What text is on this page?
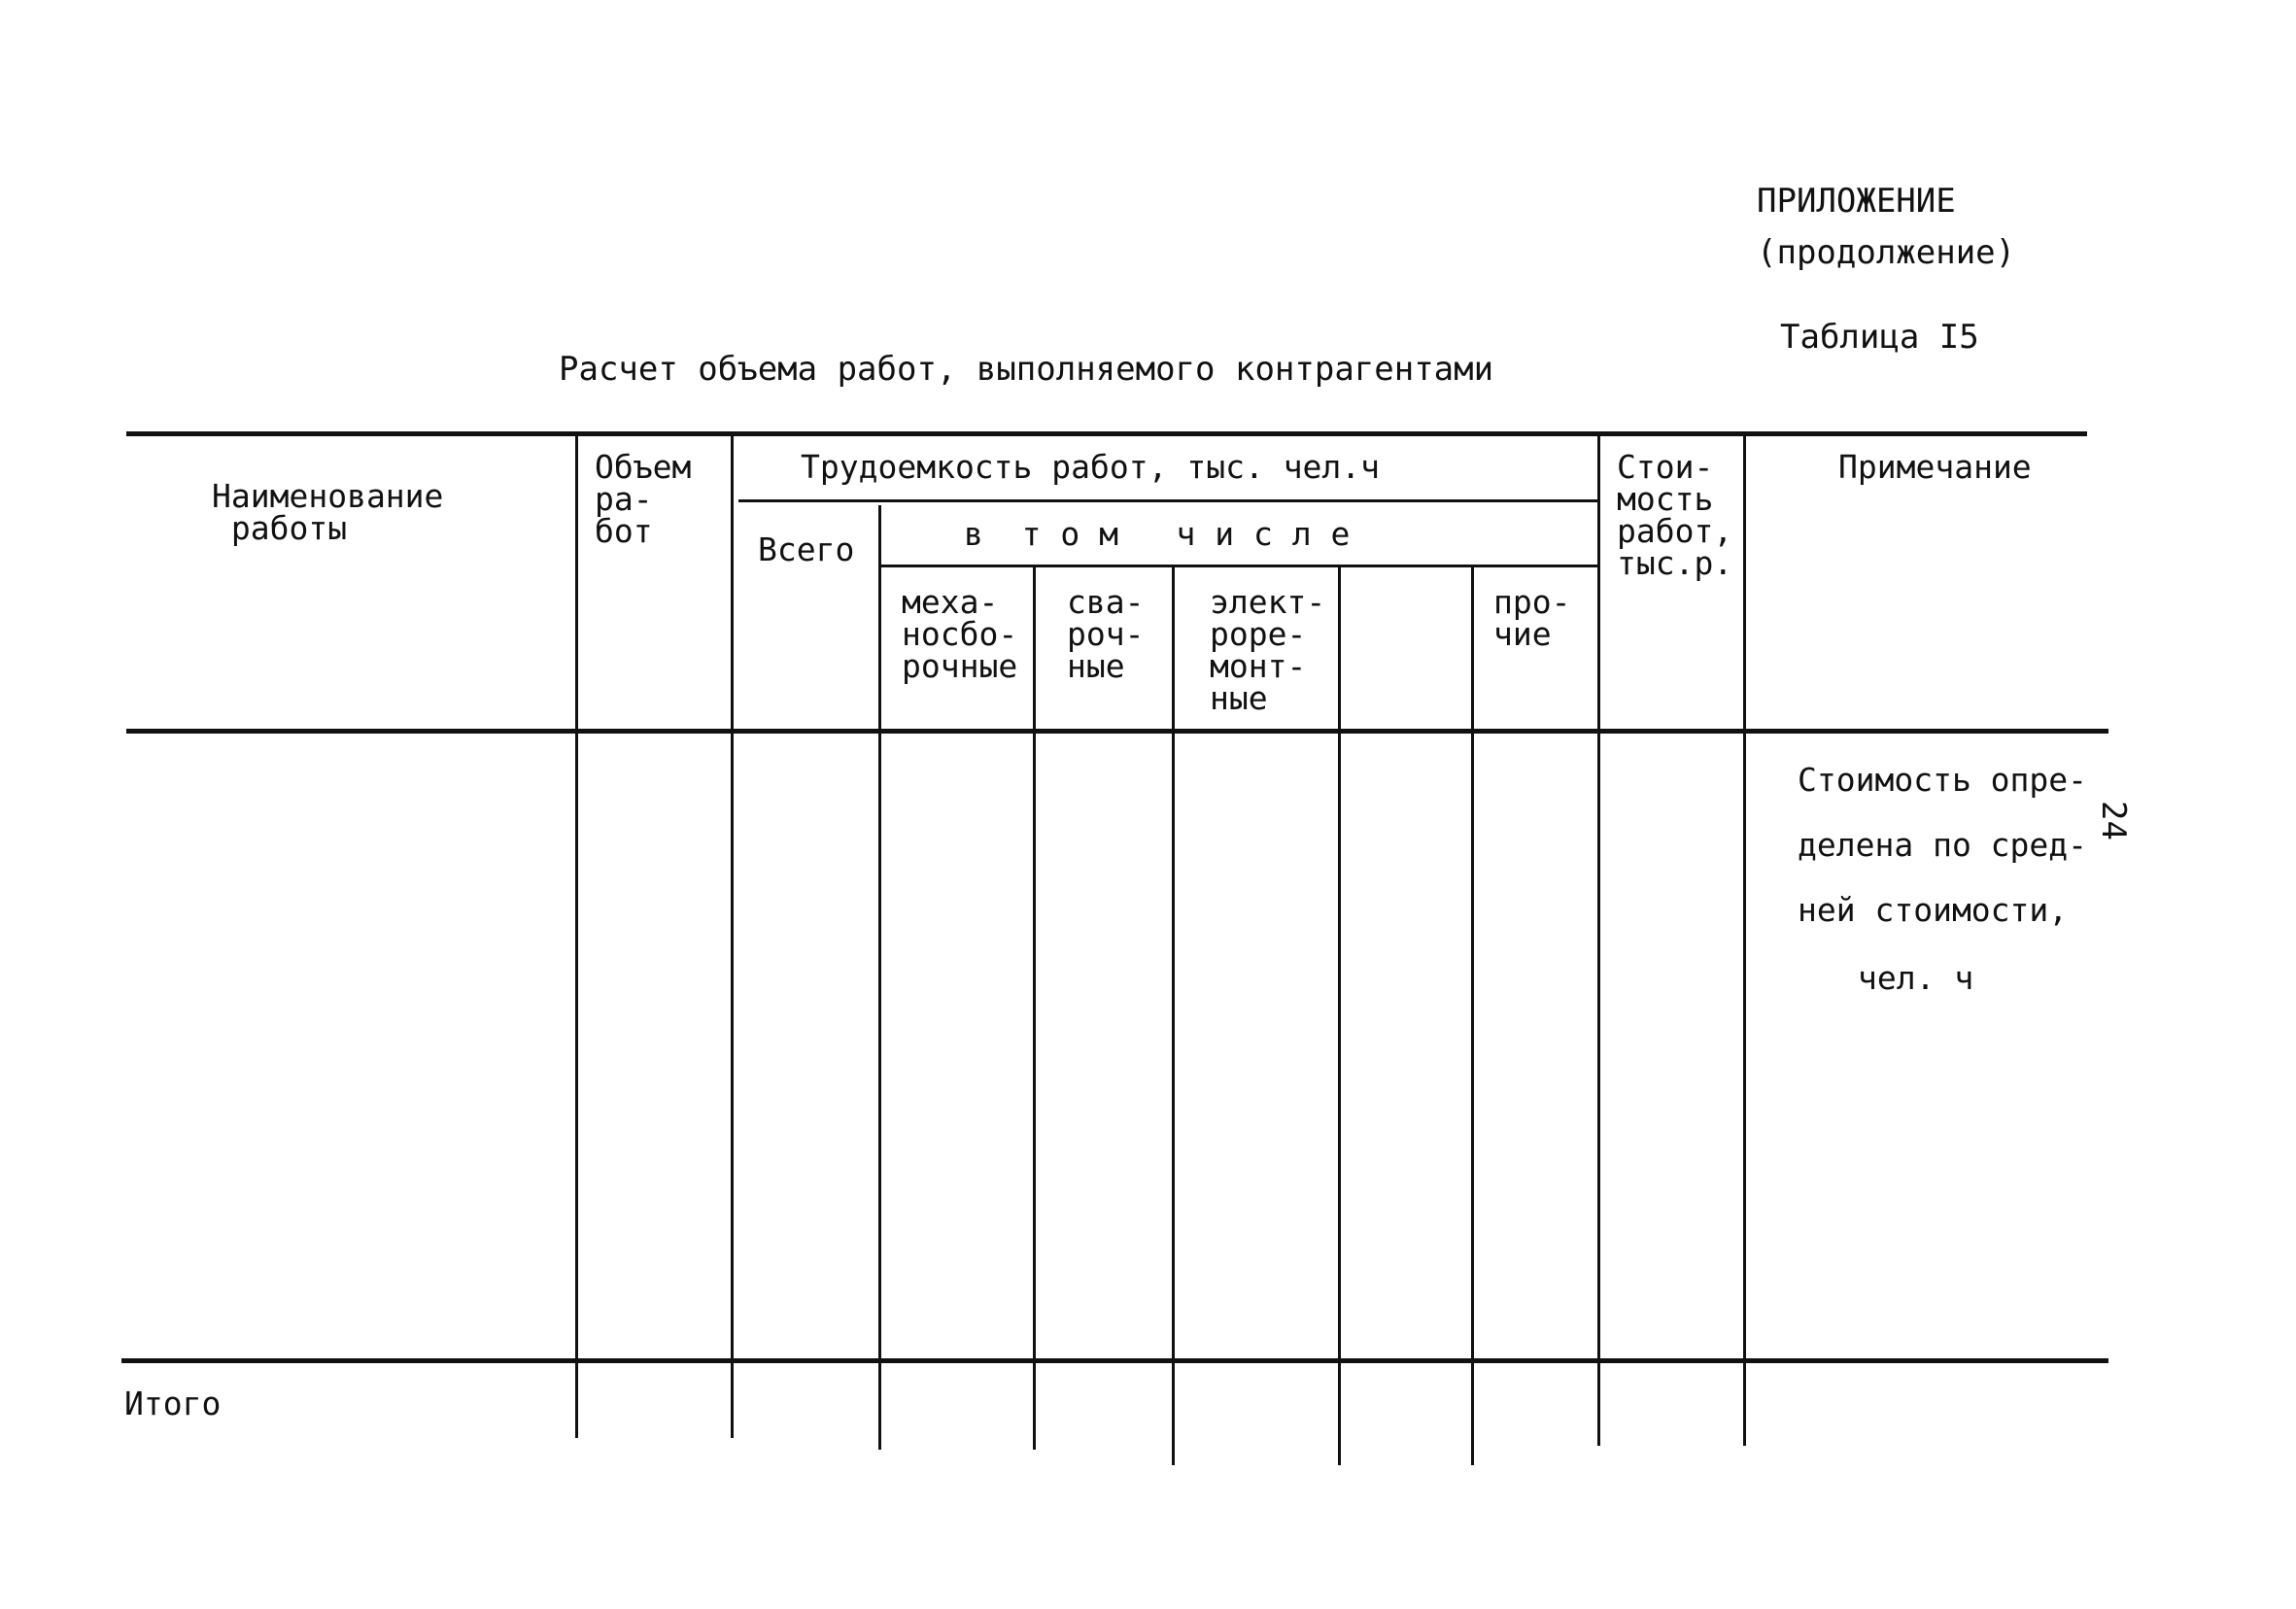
ПРИЛОЖЕНИЕ
(продолжение)
Таблица I5
Расчет объема работ, выполняемого контрагентами
Наименование
работы
Объем
ра-
бот
Трудоемкость работ, тыс. чел.ч
Всего	в  т о м   ч и с л е
меха-
носбо-
рочные
сва-
роч-
ные
элект-
роре-
монт-
ные
про-
чие
Стои-
мость
работ,
тыс.р.
Примечание
Стоимость опре-
делена по сред-
ней стоимости,
чел. ч
Итого
24
